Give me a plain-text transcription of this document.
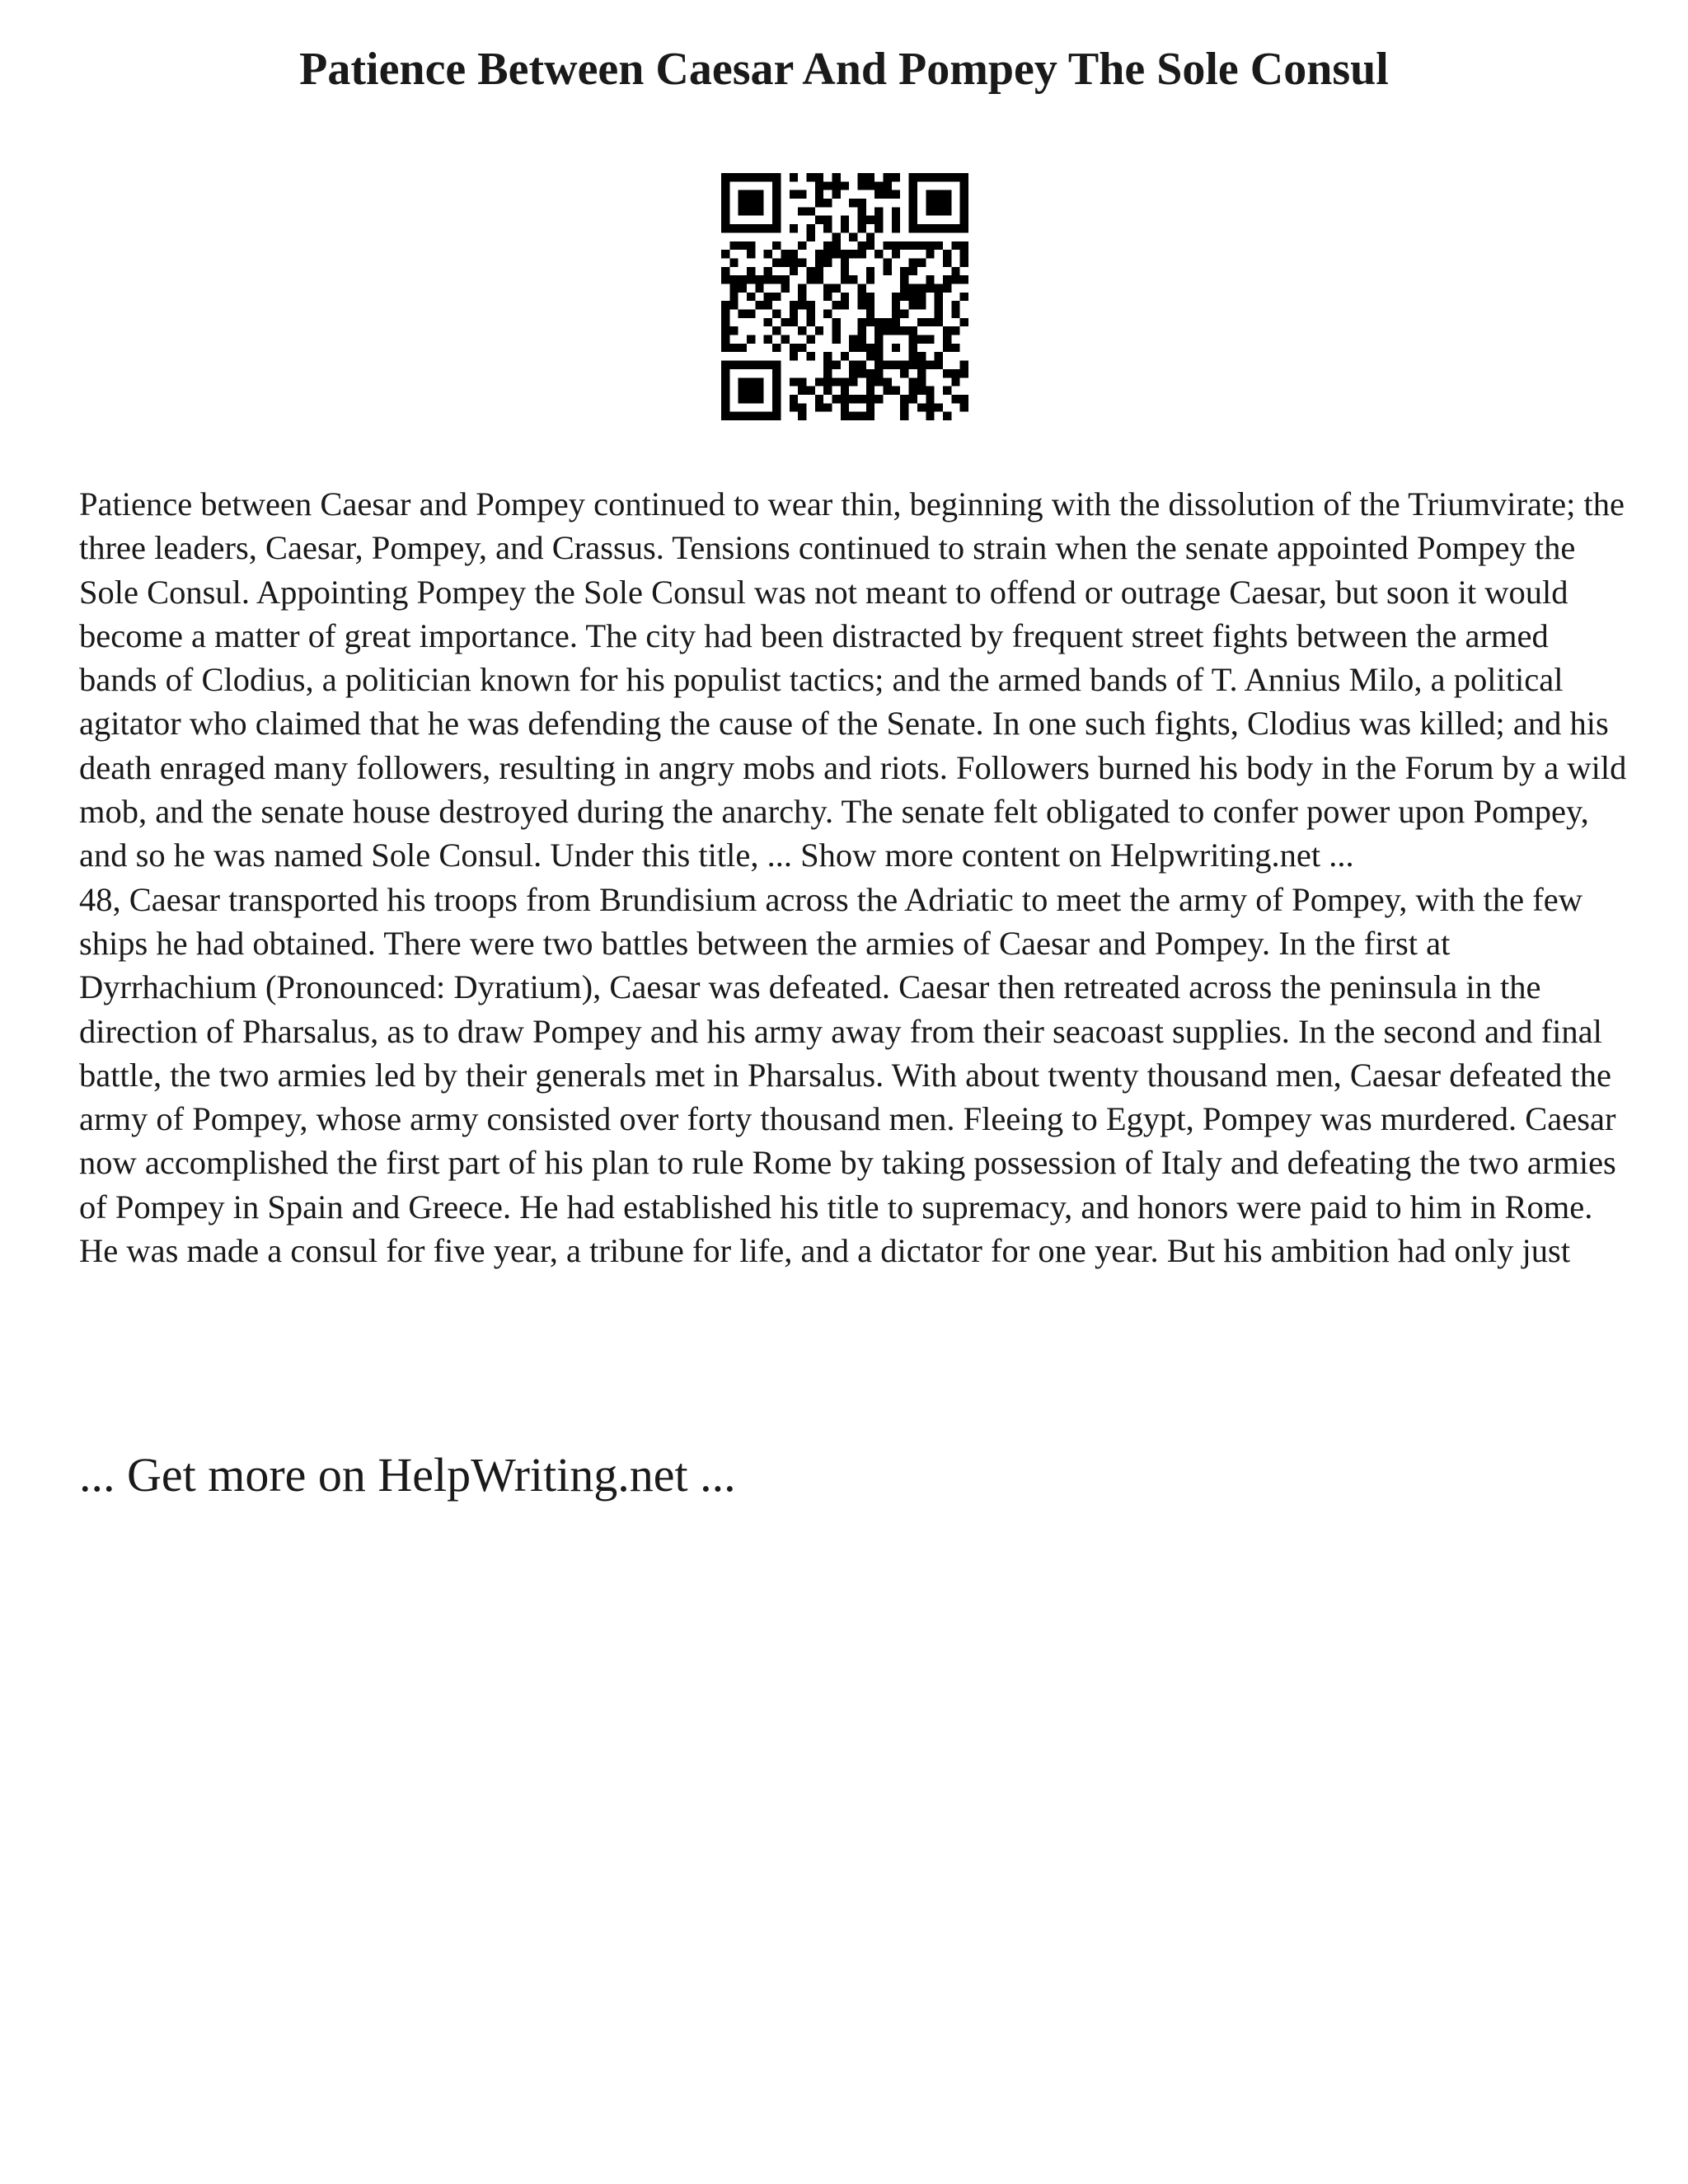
Patience Between Caesar And Pompey The Sole Consul

Patience between Caesar and Pompey continued to wear thin, beginning with the dissolution of the Triumvirate; the three leaders, Caesar, Pompey, and Crassus. Tensions continued to strain when the senate appointed Pompey the Sole Consul. Appointing Pompey the Sole Consul was not meant to offend or outrage Caesar, but soon it would become a matter of great importance. The city had been distracted by frequent street fights between the armed bands of Clodius, a politician known for his populist tactics; and the armed bands of T. Annius Milo, a political agitator who claimed that he was defending the cause of the Senate. In one such fights, Clodius was killed; and his death enraged many followers, resulting in angry mobs and riots. Followers burned his body in the Forum by a wild mob, and the senate house destroyed during the anarchy. The senate felt obligated to confer power upon Pompey, and so he was named Sole Consul. Under this title, ... Show more content on Helpwriting.net ...

48, Caesar transported his troops from Brundisium across the Adriatic to meet the army of Pompey, with the few ships he had obtained. There were two battles between the armies of Caesar and Pompey. In the first at Dyrrhachium (Pronounced: Dyratium), Caesar was defeated. Caesar then retreated across the peninsula in the direction of Pharsalus, as to draw Pompey and his army away from their seacoast supplies. In the second and final battle, the two armies led by their generals met in Pharsalus. With about twenty thousand men, Caesar defeated the army of Pompey, whose army consisted over forty thousand men. Fleeing to Egypt, Pompey was murdered. Caesar now accomplished the first part of his plan to rule Rome by taking possession of Italy and defeating the two armies of Pompey in Spain and Greece. He had established his title to supremacy, and honors were paid to him in Rome. He was made a consul for five year, a tribune for life, and a dictator for one year. But his ambition had only just

... Get more on HelpWriting.net ...
